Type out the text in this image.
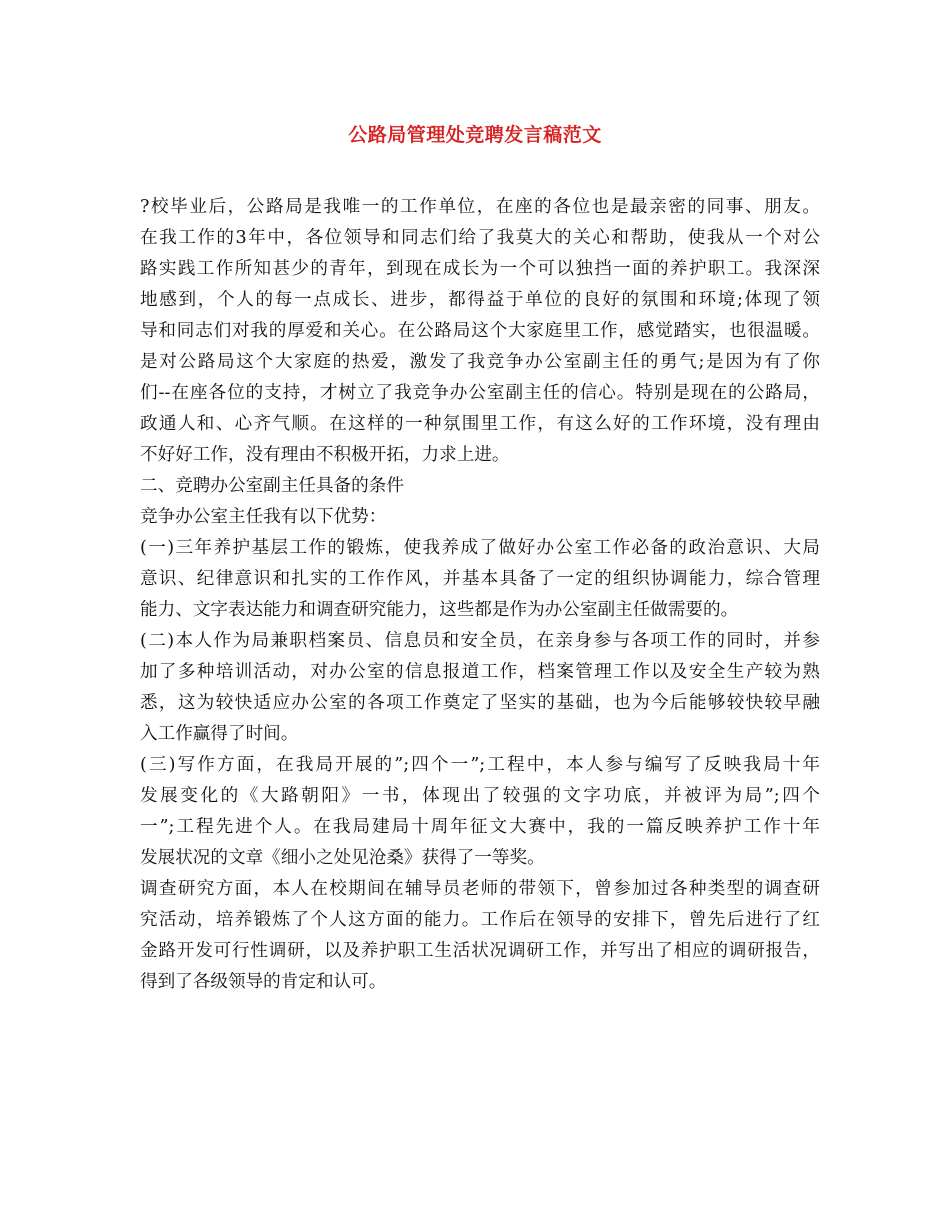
公路局管理处竞聘发言稿范文
?校毕业后，公路局是我唯一的工作单位，在座的各位也是最亲密的同事、朋友。
在我工作的3年中，各位领导和同志们给了我莫大的关心和帮助，使我从一个对公
路实践工作所知甚少的青年，到现在成长为一个可以独挡一面的养护职工。我深深
地感到，个人的每一点成长、进步，都得益于单位的良好的氛围和环境;体现了领
导和同志们对我的厚爱和关心。在公路局这个大家庭里工作，感觉踏实，也很温暖。
是对公路局这个大家庭的热爱，激发了我竞争办公室副主任的勇气;是因为有了你
们--在座各位的支持，才树立了我竞争办公室副主任的信心。特别是现在的公路局，
政通人和、心齐气顺。在这样的一种氛围里工作，有这么好的工作环境，没有理由
不好好工作，没有理由不积极开拓，力求上进。
二、竞聘办公室副主任具备的条件
竞争办公室主任我有以下优势：
(一)三年养护基层工作的锻炼，使我养成了做好办公室工作必备的政治意识、大局
意识、纪律意识和扎实的工作作风，并基本具备了一定的组织协调能力，综合管理
能力、文字表达能力和调查研究能力，这些都是作为办公室副主任做需要的。
(二)本人作为局兼职档案员、信息员和安全员，在亲身参与各项工作的同时，并参
加了多种培训活动，对办公室的信息报道工作，档案管理工作以及安全生产较为熟
悉，这为较快适应办公室的各项工作奠定了坚实的基础，也为今后能够较快较早融
入工作赢得了时间。
(三)写作方面，在我局开展的”;四个一”;工程中，本人参与编写了反映我局十年
发展变化的《大路朝阳》一书，体现出了较强的文字功底，并被评为局”;四个
一”;工程先进个人。在我局建局十周年征文大赛中，我的一篇反映养护工作十年
发展状况的文章《细小之处见沧桑》获得了一等奖。
调查研究方面，本人在校期间在辅导员老师的带领下，曾参加过各种类型的调查研
究活动，培养锻炼了个人这方面的能力。工作后在领导的安排下，曾先后进行了红
金路开发可行性调研，以及养护职工生活状况调研工作，并写出了相应的调研报告，
得到了各级领导的肯定和认可。
